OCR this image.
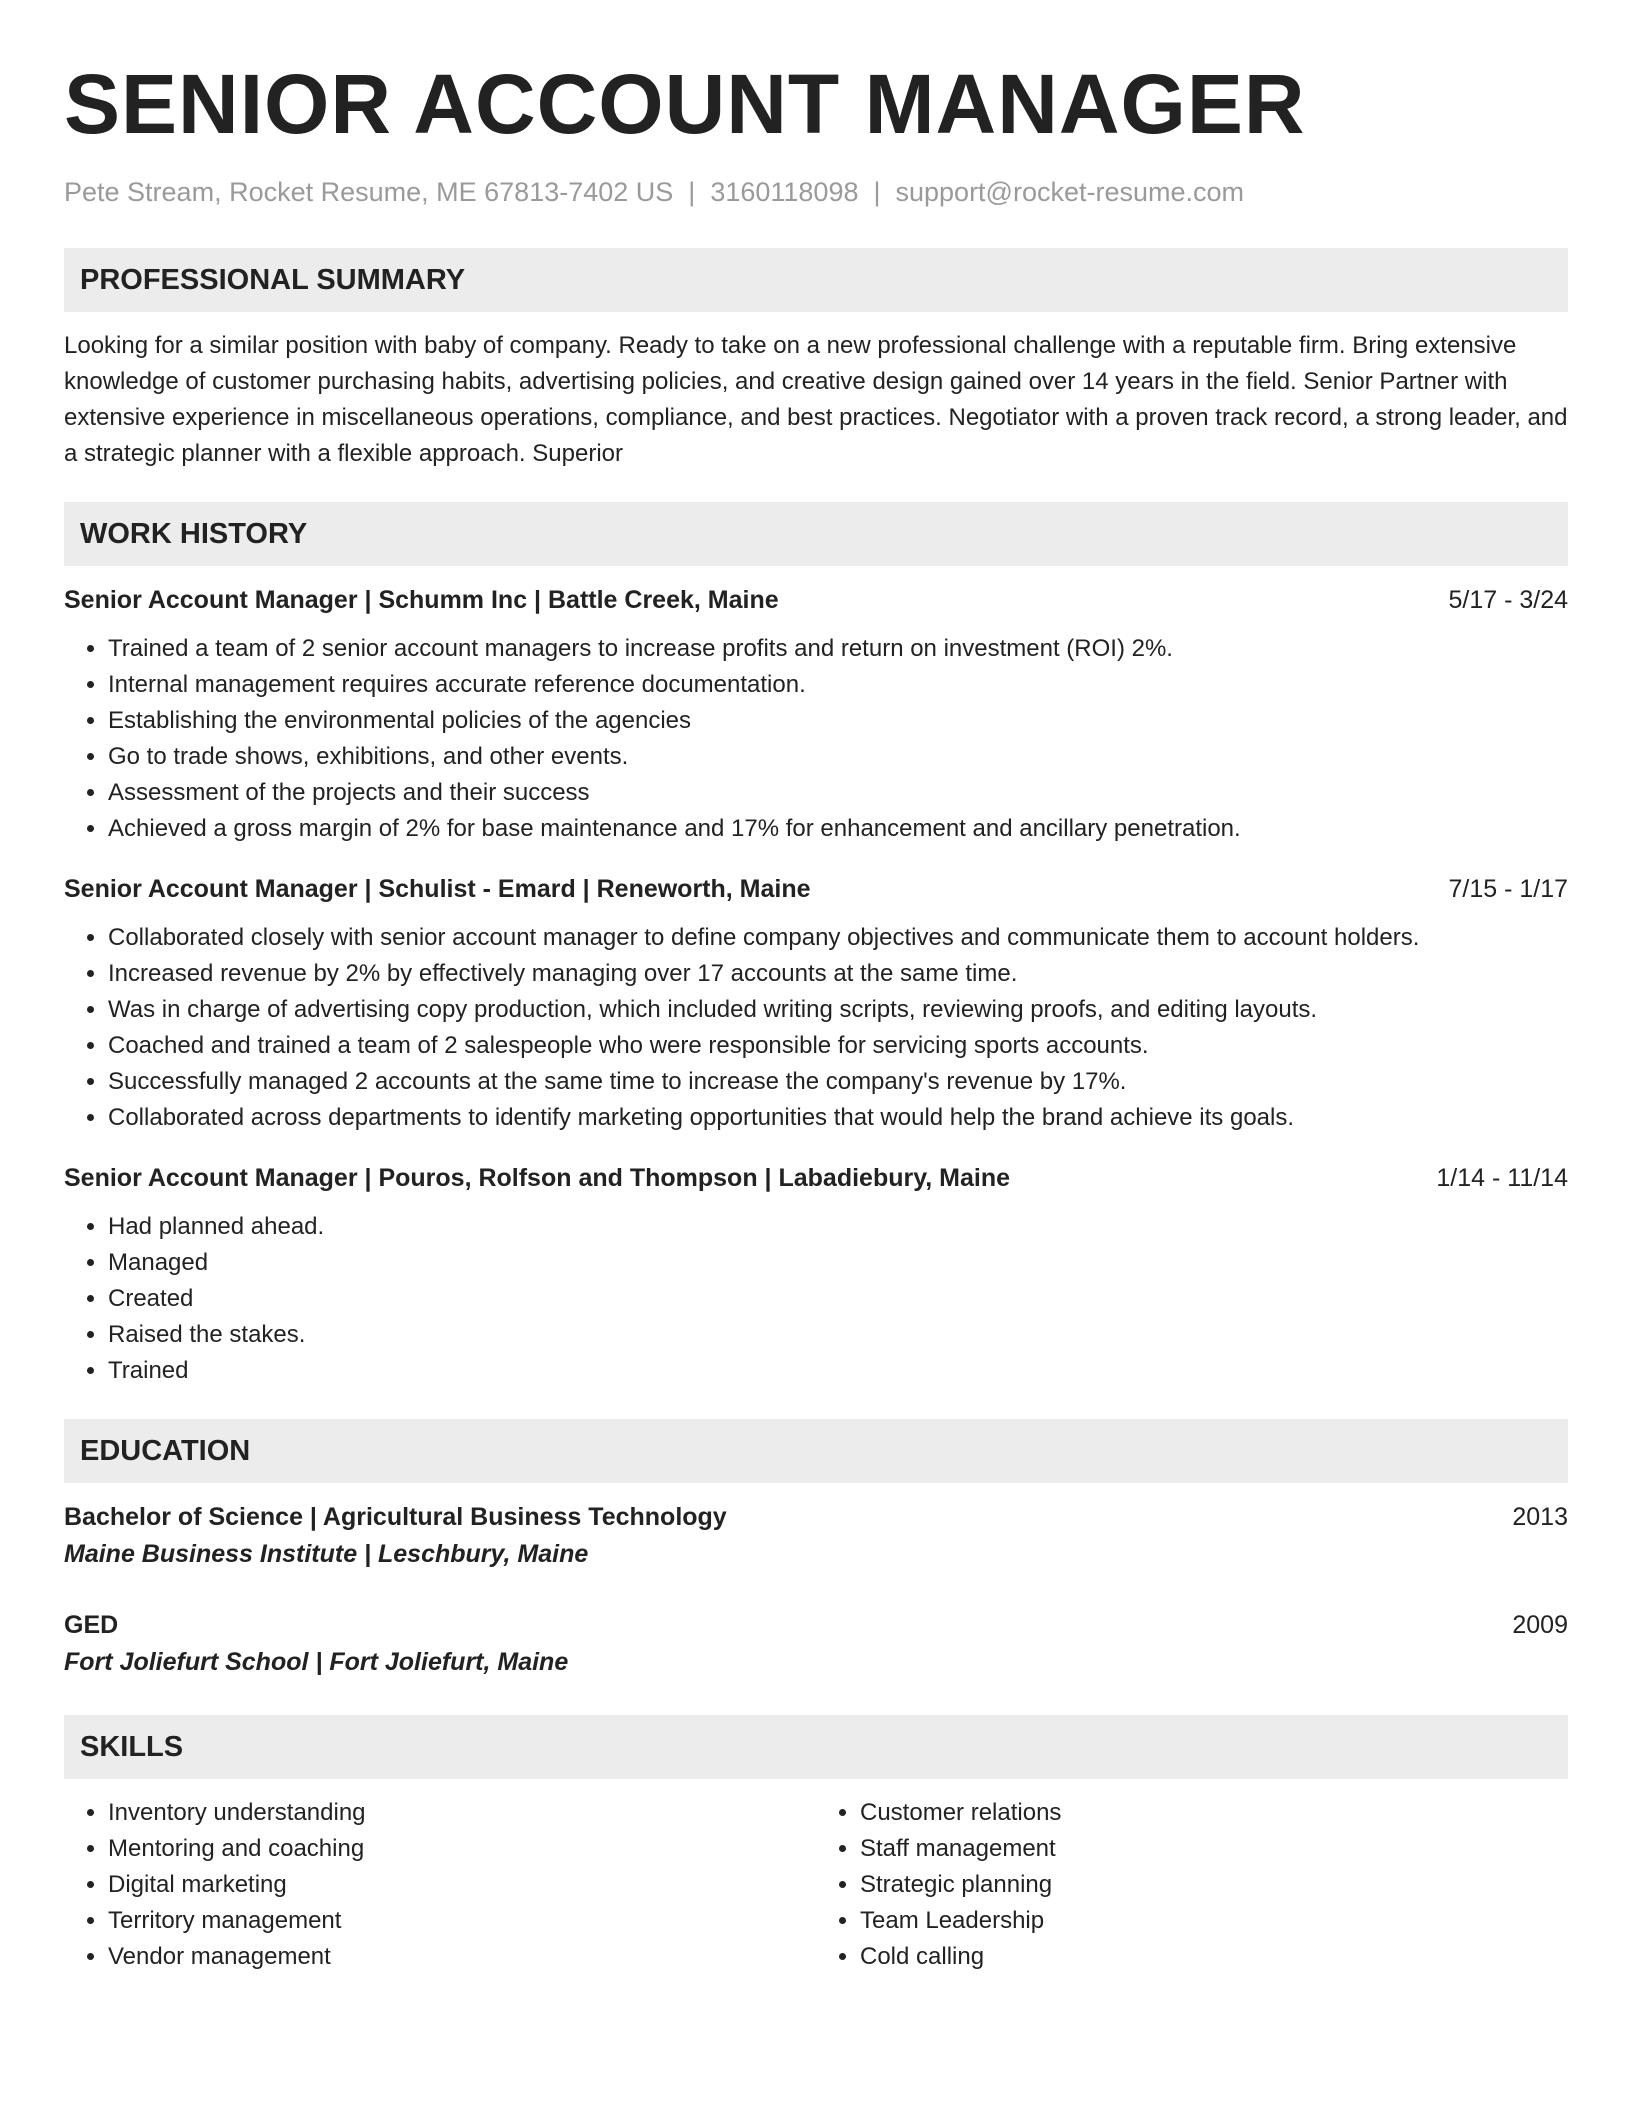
SENIOR ACCOUNT MANAGER
Pete Stream, Rocket Resume, ME 67813-7402 US | 3160118098 | support@rocket-resume.com
PROFESSIONAL SUMMARY

Looking for a similar position with baby of company. Ready to take on a new professional challenge with a reputable firm. Bring extensive knowledge of customer purchasing habits, advertising policies, and creative design gained over 14 years in the field. Senior Partner with extensive experience in miscellaneous operations, compliance, and best practices. Negotiator with a proven track record, a strong leader, and a strategic planner with a flexible approach. Superior

WORK HISTORY
Senior Account Manager | Schumm Inc | Battle Creek, Maine	5/17 - 3/24
• Trained a team of 2 senior account managers to increase profits and return on investment (ROI) 2%.
• Internal management requires accurate reference documentation.
• Establishing the environmental policies of the agencies
• Go to trade shows, exhibitions, and other events.
• Assessment of the projects and their success
• Achieved a gross margin of 2% for base maintenance and 17% for enhancement and ancillary penetration.
Senior Account Manager | Schulist - Emard | Reneworth, Maine	7/15 - 1/17
• Collaborated closely with senior account manager to define company objectives and communicate them to account holders.
• Increased revenue by 2% by effectively managing over 17 accounts at the same time.
• Was in charge of advertising copy production, which included writing scripts, reviewing proofs, and editing layouts.
• Coached and trained a team of 2 salespeople who were responsible for servicing sports accounts.
• Successfully managed 2 accounts at the same time to increase the company's revenue by 17%.
• Collaborated across departments to identify marketing opportunities that would help the brand achieve its goals.
Senior Account Manager | Pouros, Rolfson and Thompson | Labadiebury, Maine	1/14 - 11/14
• Had planned ahead.
• Managed
• Created
• Raised the stakes.
• Trained
EDUCATION
Bachelor of Science | Agricultural Business Technology	2013
Maine Business Institute | Leschbury, Maine
GED	2009
Fort Joliefurt School | Fort Joliefurt, Maine
SKILLS
• Inventory understanding
• Mentoring and coaching
• Digital marketing
• Territory management
• Vendor management
• Customer relations
• Staff management
• Strategic planning
• Team Leadership
• Cold calling
